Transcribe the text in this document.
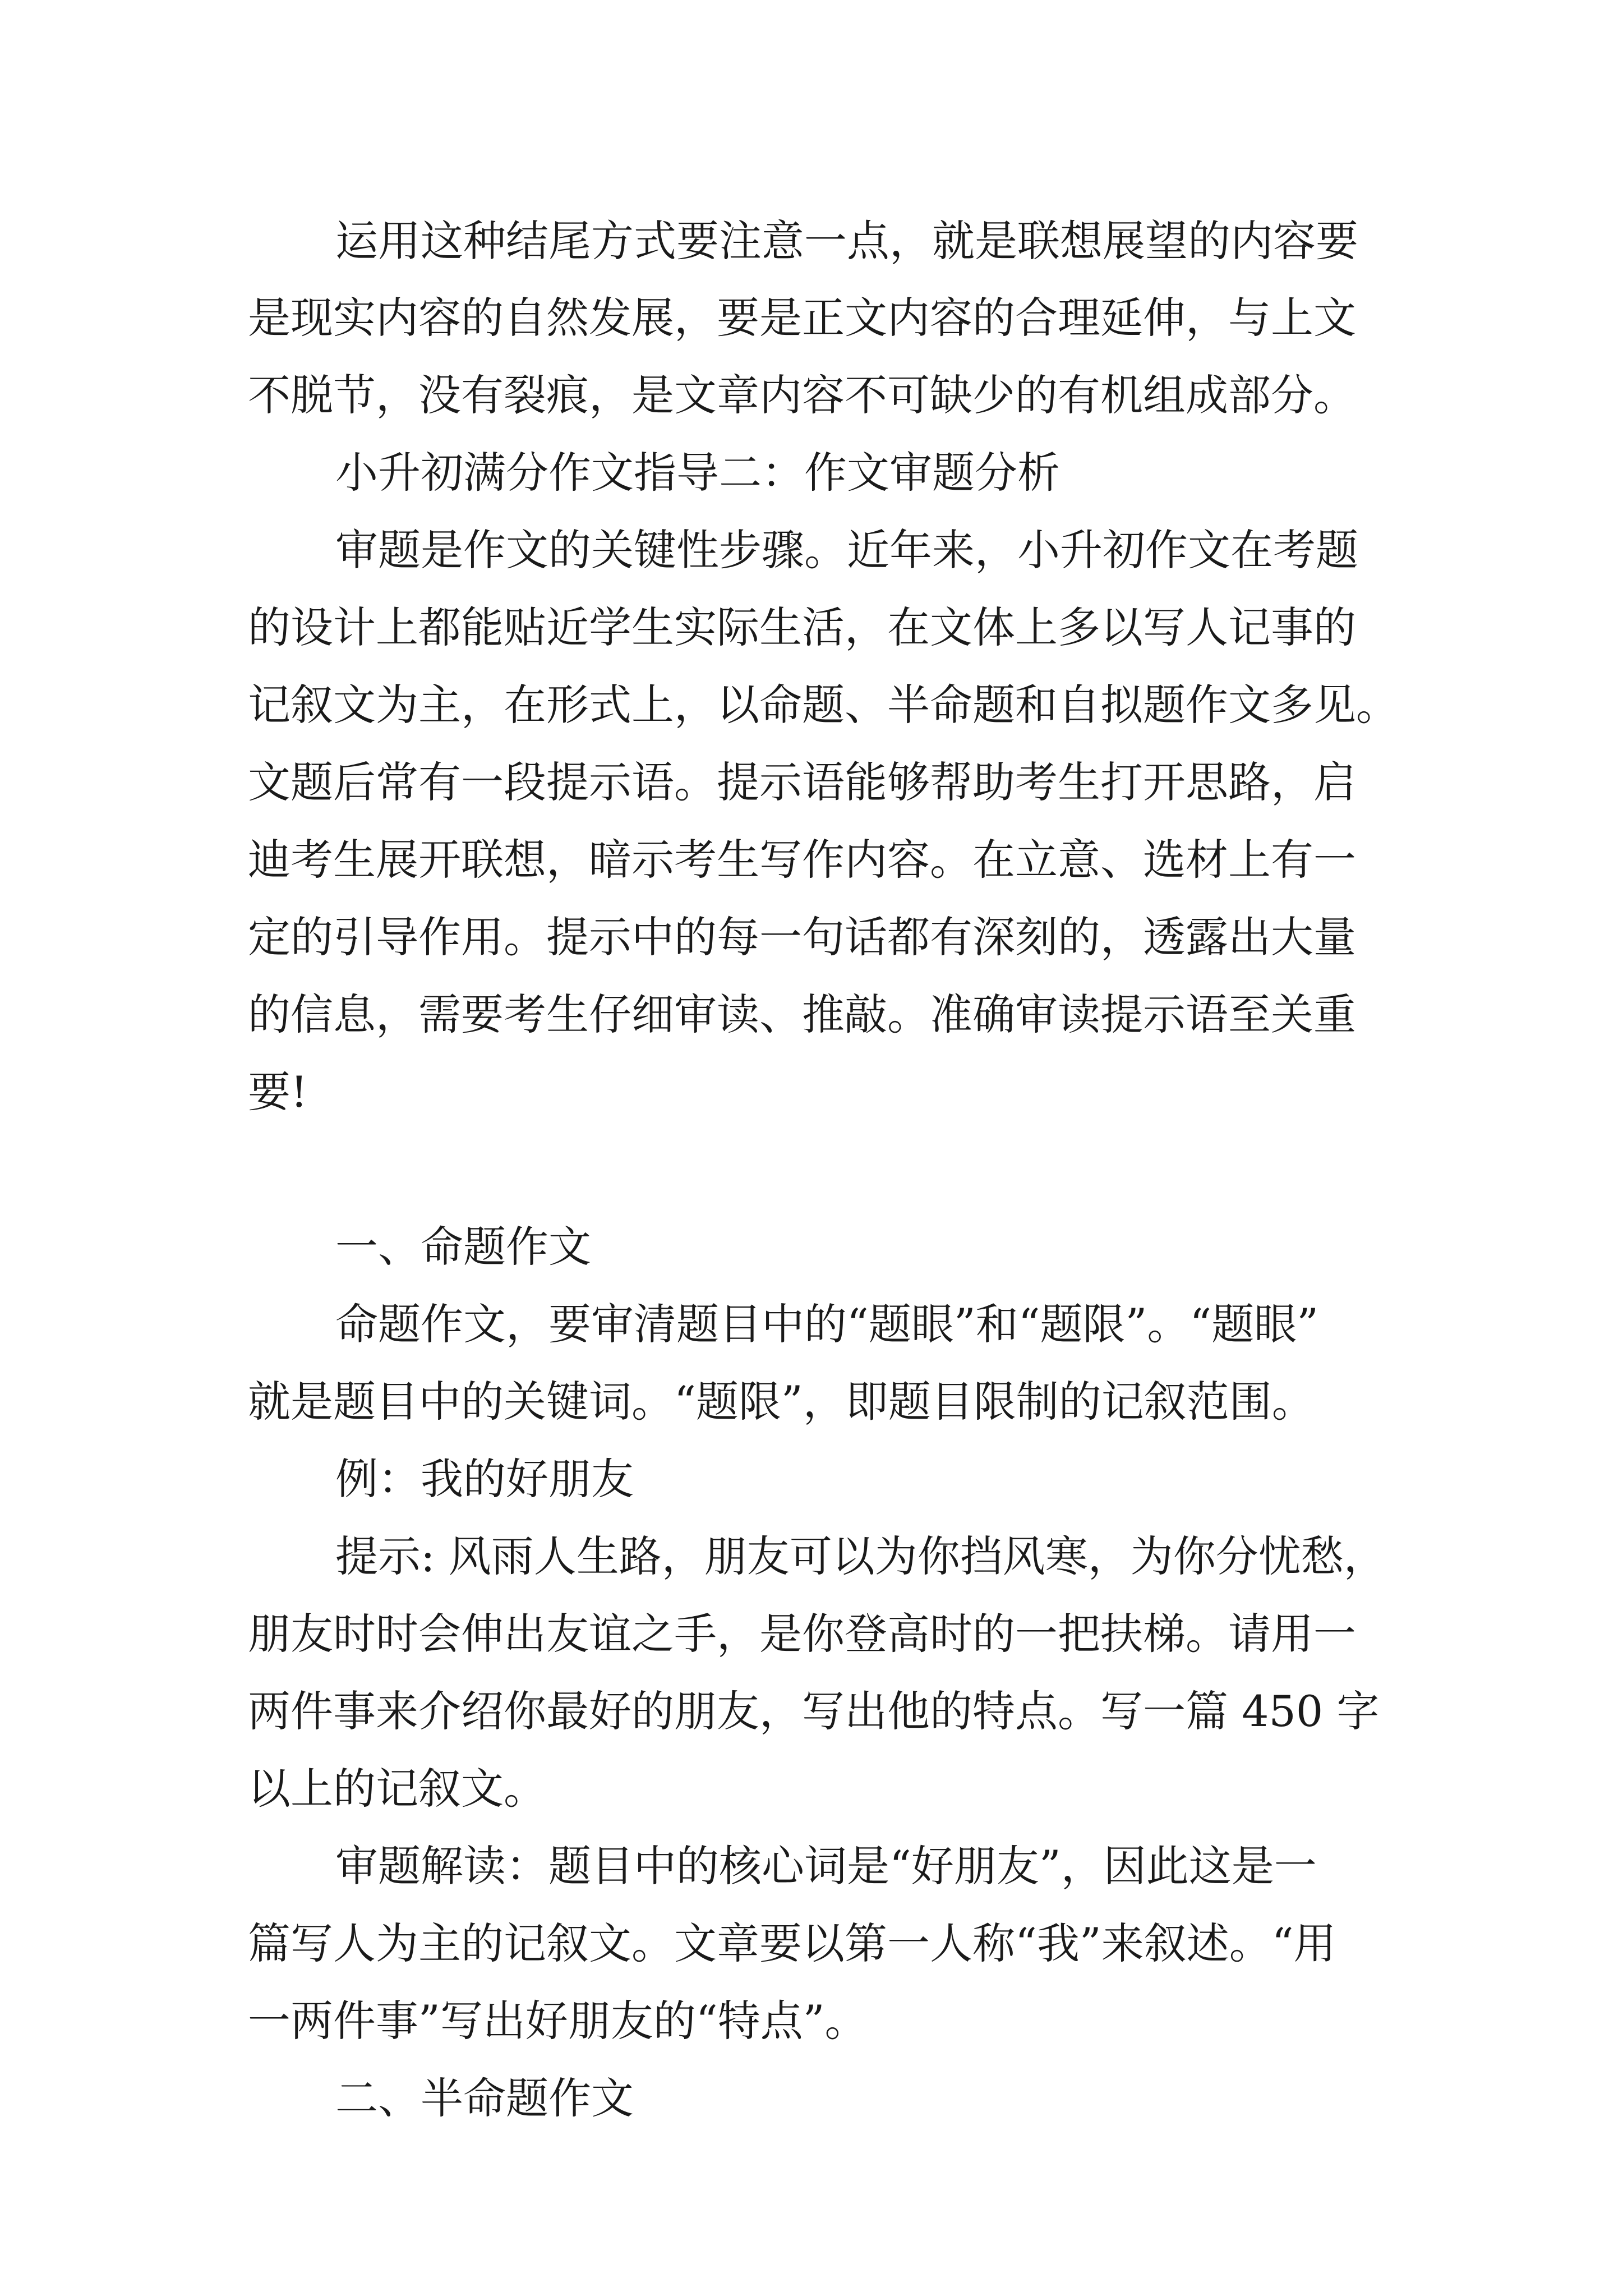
运用这种结尾方式要注意一点，就是联想展望的内容要
是现实内容的自然发展，要是正文内容的合理延伸，与上文
不脱节，没有裂痕，是文章内容不可缺少的有机组成部分。
小升初满分作文指导二：作文审题分析
审题是作文的关键性步骤。近年来，小升初作文在考题
的设计上都能贴近学生实际生活，在文体上多以写人记事的
记叙文为主，在形式上，以命题、半命题和自拟题作文多见。
文题后常有一段提示语。提示语能够帮助考生打开思路，启
迪考生展开联想，暗示考生写作内容。在立意、选材上有一
定的引导作用。提示中的每一句话都有深刻的，透露出大量
的信息，需要考生仔细审读、推敲。准确审读提示语至关重
要!
一、命题作文
命题作文，要审清题目中的“题眼”和“题限”。“题眼”
就是题目中的关键词。“题限”，即题目限制的记叙范围。
例：我的好朋友
提示: 风雨人生路，朋友可以为你挡风寒，为你分忧愁，
朋友时时会伸出友谊之手，是你登高时的一把扶梯。请用一
两件事来介绍你最好的朋友，写出他的特点。写一篇 450 字
以上的记叙文。
审题解读：题目中的核心词是“好朋友”，因此这是一
篇写人为主的记叙文。文章要以第一人称“我”来叙述。“用
一两件事”写出好朋友的“特点”。
二、半命题作文
